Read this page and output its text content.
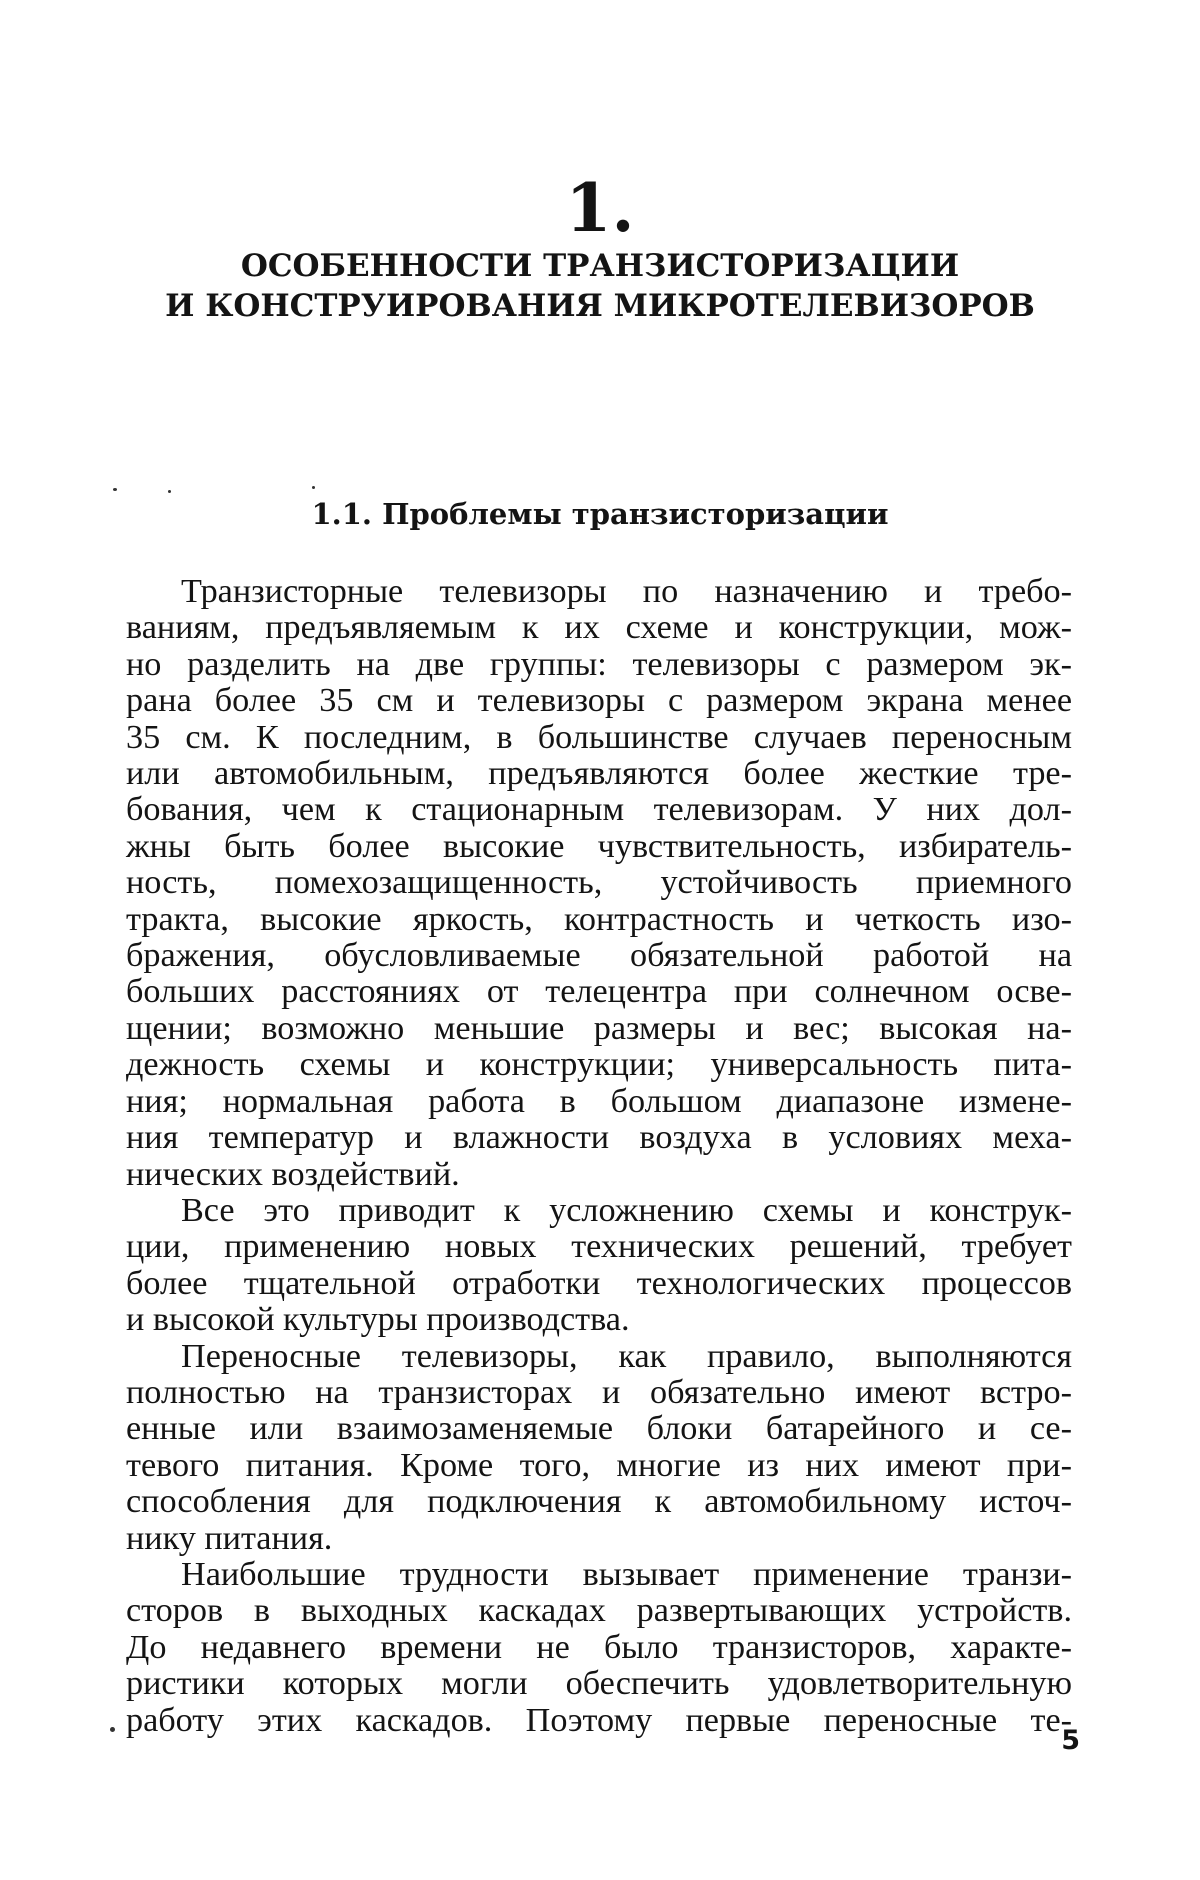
1.
ОСОБЕННОСТИ ТРАНЗИСТОРИЗАЦИИ
И КОНСТРУИРОВАНИЯ МИКРОТЕЛЕВИЗОРОВ
1.1. Проблемы транзисторизации

Транзисторные телевизоры по назначению и требо-
ваниям, предъявляемым к их схеме и конструкции, мож-
но разделить на две группы: телевизоры с размером эк-
рана более 35 см и телевизоры с размером экрана менее
35 см. К последним, в большинстве случаев переносным
или автомобильным, предъявляются более жесткие тре-
бования, чем к стационарным телевизорам. У них дол-
жны быть более высокие чувствительность, избиратель-
ность, помехозащищенность, устойчивость приемного
тракта, высокие яркость, контрастность и четкость изо-
бражения, обусловливаемые обязательной работой на
больших расстояниях от телецентра при солнечном осве-
щении; возможно меньшие размеры и вес; высокая на-
дежность схемы и конструкции; универсальность пита-
ния; нормальная работа в большом диапазоне измене-
ния температур и влажности воздуха в условиях меха-
нических воздействий.

Все это приводит к усложнению схемы и конструк-
ции, применению новых технических решений, требует
более тщательной отработки технологических процессов
и высокой культуры производства.

Переносные телевизоры, как правило, выполняются
полностью на транзисторах и обязательно имеют встро-
енные или взаимозаменяемые блоки батарейного и се-
тевого питания. Кроме того, многие из них имеют при-
способления для подключения к автомобильному источ-
нику питания.

Наибольшие трудности вызывает применение транзи-
сторов в выходных каскадах развертывающих устройств.
До недавнего времени не было транзисторов, характе-
ристики которых могли обеспечить удовлетворительную
работу этих каскадов. Поэтому первые переносные те-

5
